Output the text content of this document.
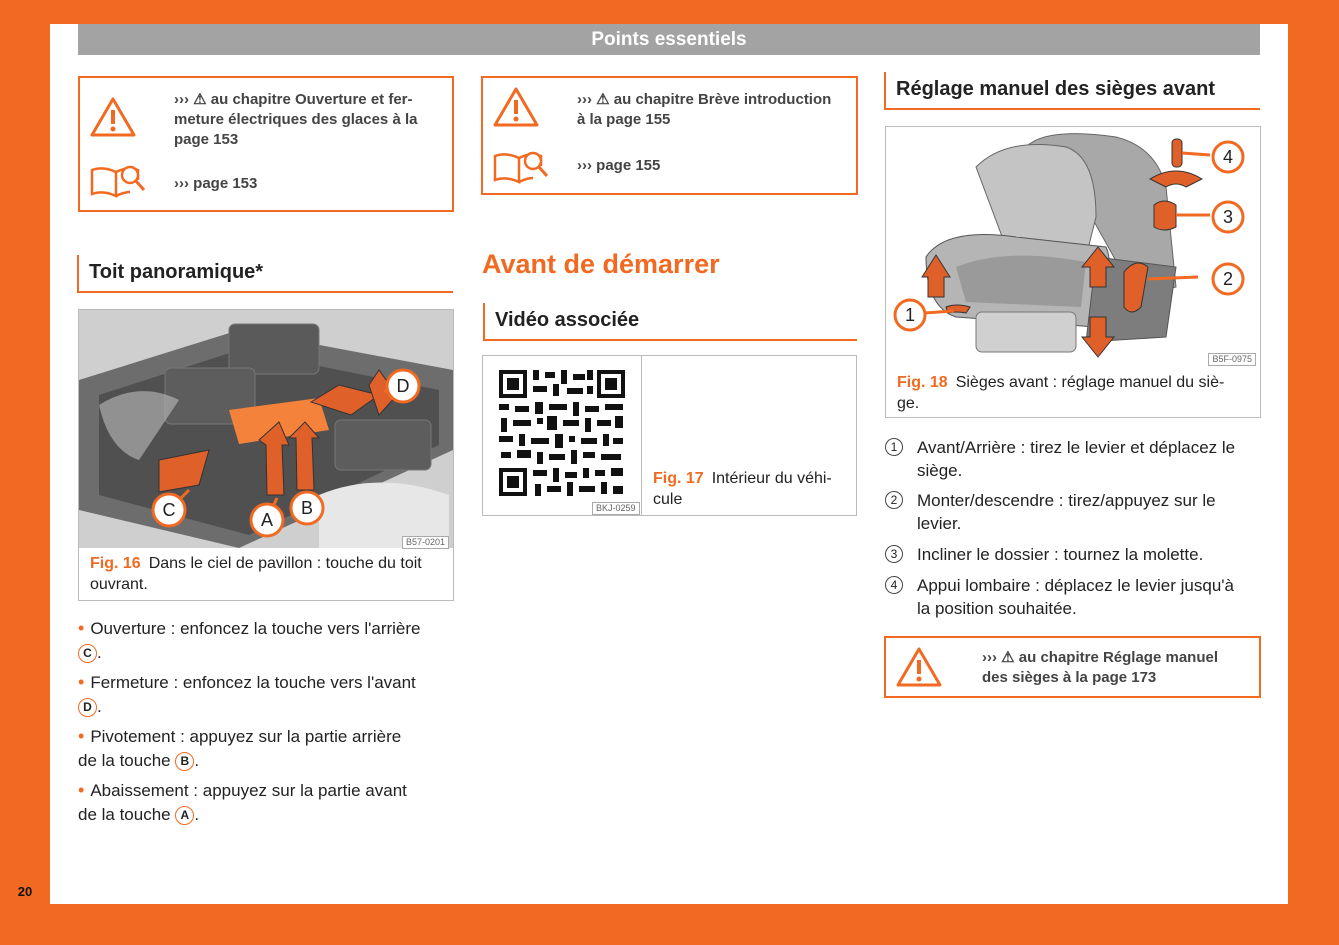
Points essentiels
››› ⚠ au chapitre Ouverture et fer-
meture électriques des glaces à la
page 153
››› page 153
Toit panoramique*
C	A
B
D
B57-0201
Fig. 16 Dans le ciel de pavillon : touche du toit
ouvrant.
• Ouverture : enfoncez la touche vers l'arrière
C .
• Fermeture : enfoncez la touche vers l'avant
D .
• Pivotement : appuyez sur la partie arrière
de la touche B .
• Abaissement : appuyez sur la partie avant
de la touche A .
››› ⚠ au chapitre Brève introduction
à la page 155
››› page 155
Avant de démarrer
Vidéo associée
BKJ-0259
Fig. 17 Intérieur du véhi-
cule
Réglage manuel des sièges avant
1
2
3
4
B5F-0975
Fig. 18 Sièges avant : réglage manuel du siè-
ge.
1	Avant/Arrière : tirez le levier et déplacez le
siège.
2	Monter/descendre : tirez/appuyez sur le
levier.
3	Incliner le dossier : tournez la molette.
4	Appui lombaire : déplacez le levier jusqu'à
la position souhaitée.
››› ⚠ au chapitre Réglage manuel
des sièges à la page 173
20
